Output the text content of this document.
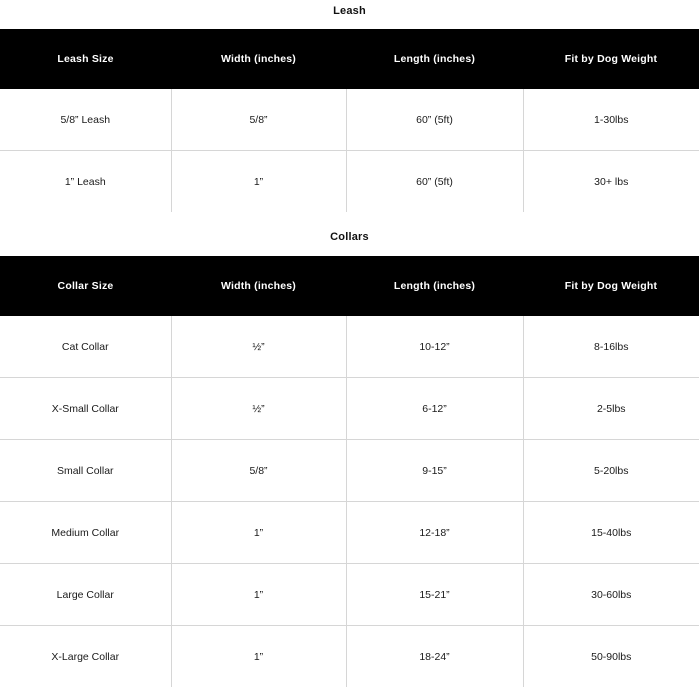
Leash
Leash Size	Width (inches)	Length (inches)	Fit by Dog Weight
5/8” Leash	5/8”	60” (5ft)	1-30lbs
1” Leash	1”	60” (5ft)	30+ lbs
Collars
Collar Size	Width (inches)	Length (inches)	Fit by Dog Weight
Cat Collar	½”	10-12”	8-16lbs
X-Small Collar	½”	6-12”	2-5lbs
Small Collar	5/8”	9-15”	5-20lbs
Medium Collar	1”	12-18”	15-40lbs
Large Collar	1”	15-21”	30-60lbs
X-Large Collar	1”	18-24”	50-90lbs
